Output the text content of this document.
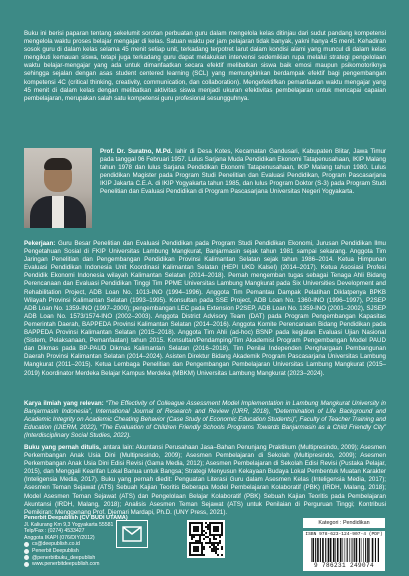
Buku ini berisi paparan tentang sekelumit sorotan perbuatan guru dalam mengelola kelas ditinjau dari sudut pandang kompetensi mengelola waktu proses belajar mengajar di kelas. Satuan waktu per jam pelajaran tidak banyak, yakni hanya 45 menit. Kehadiran sosok guru di dalam kelas selama 45 menit setiap unit, terkadang terpotret larut dalam kondisi alami yang muncul di dalam kelas mengikuti kemauan siswa, tetapi juga terkadang guru dapat melakukan intervensi sedemikian rupa melalui strategi pengelolaan waktu belajar-mengajar yang ada untuk dimanfaatkan secara efektif melibatkan siswa baik emosi maupun psikomotoriknya sehingga sejalan dengan asas student centered learning (SCL) yang memungkinkan berdampak efektif bagi pengembangan kompetensi 4C (critical thinking, creativity, communication, dan collaboration). Mengefektifkan pemanfaatan waktu mengajar yang 45 menit di dalam kelas dengan melibatkan aktivitas siswa menjadi ukuran efektivitas pembelajaran untuk mencapai capaian pembelajaran, merupakan salah satu kompetensi guru profesional sesungguhnya.
Prof. Dr. Suratno, M.Pd. lahir di Desa Kotes, Kecamatan Gandusari, Kabupaten Blitar, Jawa Timur pada tanggal 06 Februari 1957. Lulus Sarjana Muda Pendidikan Ekonomi Tatapenusahaan, IKIP Malang tahun 1978 dan lulus Sarjana Pendidikan Ekonomi Tatapenusahaan, IKIP Malang tahun 1980. Lulus pendidikan Magister pada Program Studi Penelitian dan Evaluasi Pendidikan, Program Pascasarjana IKIP Jakarta C.E.A. di IKIP Yogyakarta tahun 1985, dan lulus Program Doktor (S-3) pada Program Studi Penelitian dan Evaluasi Pendidikan di Program Pascasarjana Universitas Negeri Yogyakarta.
Pekerjaan: Guru Besar Penelitian dan Evaluasi Pendidikan pada Program Studi Pendidikan Ekonomi, Jurusan Pendidikan Ilmu Pengetahuan Sosial di FKIP Universitas Lambung Mangkurat, Banjarmasin sejak tahun 1981 sampai sekarang. Anggota Tim Jaringan Penelitian dan Pengembangan Pendidikan Provinsi Kalimantan Selatan sejak tahun 1986–2014. Ketua Himpunan Evaluasi Pendidikan Indonesia Unit Koordinasi Kalimantan Selatan (HEPI UKD Kalsel) (2014–2017). Ketua Asosiasi Profesi Pendidik Ekonomi Indonesia wilayah Kalimantan Selatan (2014–2018). Pernah mengemban tugas sebagai Tenaga Ahli Bidang Perencanaan dan Evaluasi Pendidikan Tinggi Tim PPME Universitas Lambung Mangkurat pada Six Universities Development and Rehabilitation Project, ADB Loan No. 1013-INO (1994–1996). Anggota Tim Pemantau Dampak Pelatihan Diklatpenya BPKB Wilayah Provinsi Kalimantan Selatan (1993–1995). Konsultan pada SSE Project, ADB Loan No. 1360-INO (1996–1997), P2SEP ADB Loan No. 1359-INO (1997–2000); pengembangan LEC pada Extension P2SEP, ADB Loan No. 1359-INO (2001–2002), SJSEP ADB Loan No. 1573/1574-INO (2002–2003). Anggota District Advisory Team (DAT) pada Program Pengembangan Kapasitas Pemerintah Daerah, BAPPEDA Provinsi Kalimantan Selatan (2014–2016). Anggota Komite Perencanaan Bidang Pendidikan pada BAPPEDA Provinsi Kalimantan Selatan (2015–2018). Anggota Tim Ahli (ad-hoc) BSNP pada kegiatan Evaluasi Ujian Nasional (Sistem, Pelaksanaan, Pemanfaatan) tahun 2015. Konsultan/Pendamping/Tim Akademisi Program Pengembangan Model PAUD dan Dikmas pada BP-PAUD Dikmas Kalimantan Selatan (2016–2018). Tim Penilai Independen Penghargaan Pembangunan Daerah Provinsi Kalimantan Selatan (2014–2024). Asisten Direktur Bidang Akademik Program Pascasarjana Universitas Lambung Mangkurat (2011–2015). Ketua Lembaga Penelitian dan Pengembangan Pembelajaran Universitas Lambung Mangkurat (2015–2019) Koordinator Merdeka Belajar Kampus Merdeka (MBKM) Universitas Lambung Mangkurat (2023–2024).
Karya ilmiah yang relevan: “The Effectivity of Colleague Assessment Model Implementation in Lambung Mangkurat University in Banjarmasin Indonesia”, International Journal of Research and Review (IJRR, 2018), “Determination of Life Background and Academic Integrity on Academic Cheating Behavior (Case Study of Economic Education Students)”, Faculty of Teacher Training and Education (IJIERM, 2022), “The Evaluation of Children Friendly Schools Programs Towards Banjarmasin as a Child Friendly City” (Interdisciplinary Social Studies, 2022).
Buku yang pernah ditulis, antara lain: Akuntansi Perusahaan Jasa–Bahan Penunjang Praktikum (Multipresindo, 2009); Asesmen Perkembangan Anak Usia Dini (Multipresindo, 2009); Asesmen Pembelajaran di Sekolah (Multipresindo, 2009); Asesmen Perkembangan Anak Usia Dini Edisi Revisi (Gama Media, 2012); Asesmen Pembelajaran di Sekolah Edisi Revisi (Pustaka Pelajar, 2015), dan Menggali Kearifan Lokal Banua untuk Bangsa; Strategi Menyusun Kekayaan Budaya Lokal Pembentuk Muatan Karakter (Inteligensia Media, 2017). Buku yang pernah diedit: Penguatan Literasi Guru dalam Asesmen Kelas (Inteligensia Media, 2017); Asesmen Teman Sejawat (ATS) Sebuah Kajian Teoritis Beberapa Model Pembelajaran Kolaboratif (PBK) (IRDH, Malang, 2018); Model Asesmen Teman Sejawat (ATS) dan Pengelolaan Belajar Kolaboratif (PBK) Sebuah Kajian Teoritis pada Pembelajaran Akuntansi (IRDH, Malang, 2018); Analisis Asesmen Teman Sejawat (ATS) untuk Penilaian di Perguruan Tinggi; Kontribusi Pemikiran: Menggenang Prof. Djemari Mardapi, Ph.D. (UNY Press, 2021).
Penerbit Deepublish (CV BUDI UTAMA)
Jl. Kaliurang Km 9,3 Yogyakarta 55581
Telp/Fax : (0274) 4533427
Anggota IKAPI (076/DIY/2012)
cs@deepublish.co.id
Penerbit Deepublish
@penerbitbuku_deepublish
www.penerbitdeepublish.com
Kategori : Pendidikan
ISBN 978-623-124-907-4 (PDF)
9 786231 249074
